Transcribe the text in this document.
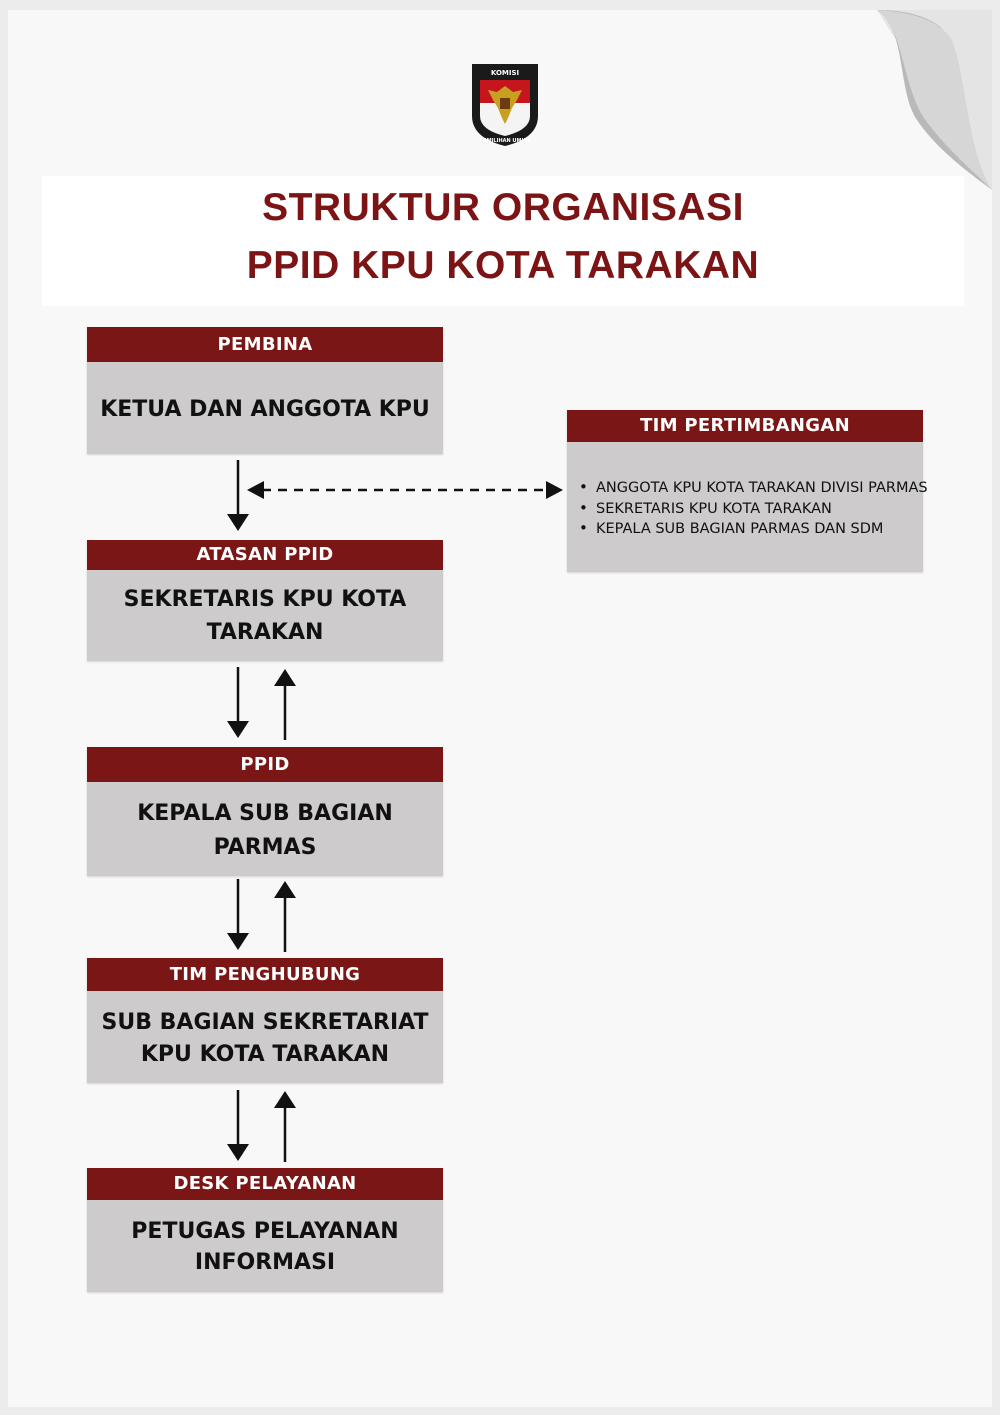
KOMISI
PEMILIHAN UMUM
STRUKTUR ORGANISASI
PPID KPU KOTA TARAKAN
PEMBINA
KETUA DAN ANGGOTA KPU
ATASAN PPID
SEKRETARIS KPU KOTA
TARAKAN
PPID
KEPALA SUB BAGIAN
PARMAS
TIM PENGHUBUNG
SUB BAGIAN SEKRETARIAT
KPU KOTA TARAKAN
DESK PELAYANAN
PETUGAS PELAYANAN
INFORMASI
TIM PERTIMBANGAN
• ANGGOTA KPU KOTA TARAKAN DIVISI PARMAS
• SEKRETARIS KPU KOTA TARAKAN
• KEPALA SUB BAGIAN PARMAS DAN SDM
